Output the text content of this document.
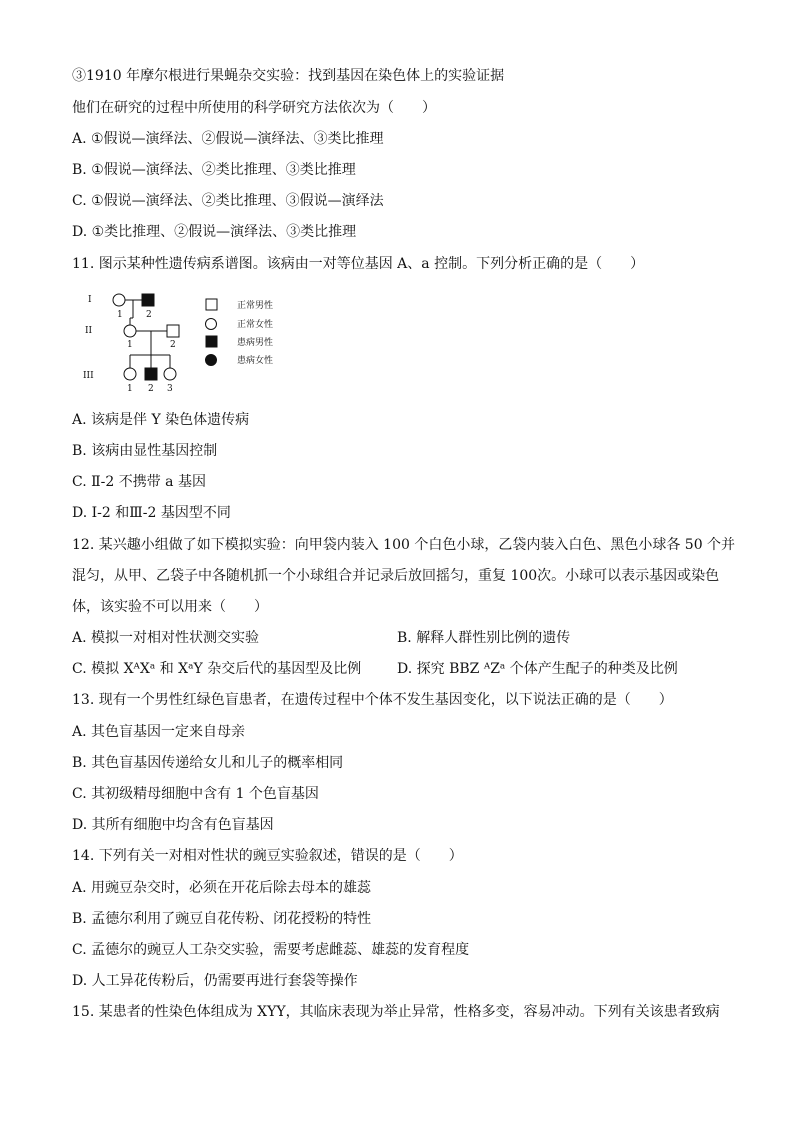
③1910 年摩尔根进行果蝇杂交实验：找到基因在染色体上的实验证据
他们在研究的过程中所使用的科学研究方法依次为（　　）
A. ①假说—演绎法、②假说—演绎法、③类比推理
B. ①假说—演绎法、②类比推理、③类比推理
C. ①假说—演绎法、②类比推理、③假说—演绎法
D. ①类比推理、②假说—演绎法、③类比推理
11. 图示某种性遗传病系谱图。该病由一对等位基因 A、a 控制。下列分析正确的是（　　）
I
II
III
1	2
1	2
1 2 3
正常男性
正常女性
患病男性
患病女性
A. 该病是伴 Y 染色体遗传病
B. 该病由显性基因控制
C. Ⅱ-2 不携带 a 基因
D. Ⅰ-2 和Ⅲ-2 基因型不同
12. 某兴趣小组做了如下模拟实验：向甲袋内装入 100 个白色小球，乙袋内装入白色、黑色小球各 50 个并
混匀，从甲、乙袋子中各随机抓一个小球组合并记录后放回摇匀，重复 100次。小球可以表示基因或染色
体，该实验不可以用来（　　）
A. 模拟一对相对性状测交实验	B. 解释人群性别比例的遗传
C. 模拟 XᴬXᵃ 和 XᵃY 杂交后代的基因型及比例	D. 探究 BBZ ᴬZᵃ 个体产生配子的种类及比例
13. 现有一个男性红绿色盲患者，在遗传过程中个体不发生基因变化，以下说法正确的是（　　）
A. 其色盲基因一定来自母亲
B. 其色盲基因传递给女儿和儿子的概率相同
C. 其初级精母细胞中含有 1 个色盲基因
D. 其所有细胞中均含有色盲基因
14. 下列有关一对相对性状的豌豆实验叙述，错误的是（　　）
A. 用豌豆杂交时，必须在开花后除去母本的雄蕊
B. 孟德尔利用了豌豆自花传粉、闭花授粉的特性
C. 孟德尔的豌豆人工杂交实验，需要考虑雌蕊、雄蕊的发育程度
D. 人工异花传粉后，仍需要再进行套袋等操作
15. 某患者的性染色体组成为 XYY，其临床表现为举止异常，性格多变，容易冲动。下列有关该患者致病
